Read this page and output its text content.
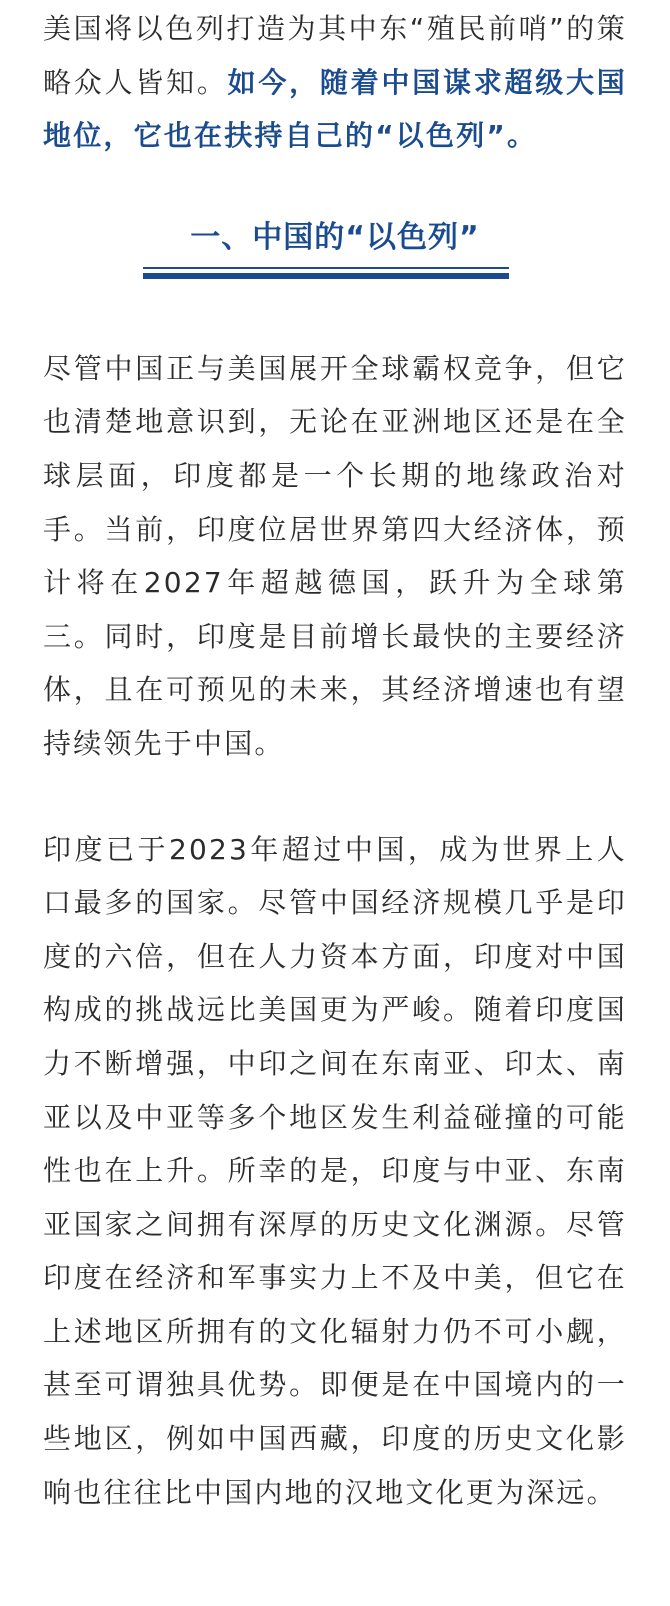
美国将以色列打造为其中东“殖民前哨”的策略众人皆知。如今，随着中国谋求超级大国地位，它也在扶持自己的“以色列”。

一、中国的“以色列”

尽管中国正与美国展开全球霸权竞争，但它也清楚地意识到，无论在亚洲地区还是在全球层面，印度都是一个长期的地缘政治对手。当前，印度位居世界第四大经济体，预计将在2027年超越德国，跃升为全球第三。同时，印度是目前增长最快的主要经济体，且在可预见的未来，其经济增速也有望持续领先于中国。

印度已于2023年超过中国，成为世界上人口最多的国家。尽管中国经济规模几乎是印度的六倍，但在人力资本方面，印度对中国构成的挑战远比美国更为严峻。随着印度国力不断增强，中印之间在东南亚、印太、南亚以及中亚等多个地区发生利益碰撞的可能性也在上升。所幸的是，印度与中亚、东南亚国家之间拥有深厚的历史文化渊源。尽管印度在经济和军事实力上不及中美，但它在上述地区所拥有的文化辐射力仍不可小觑，甚至可谓独具优势。即便是在中国境内的一些地区，例如中国西藏，印度的历史文化影响也往往比中国内地的汉地文化更为深远。
